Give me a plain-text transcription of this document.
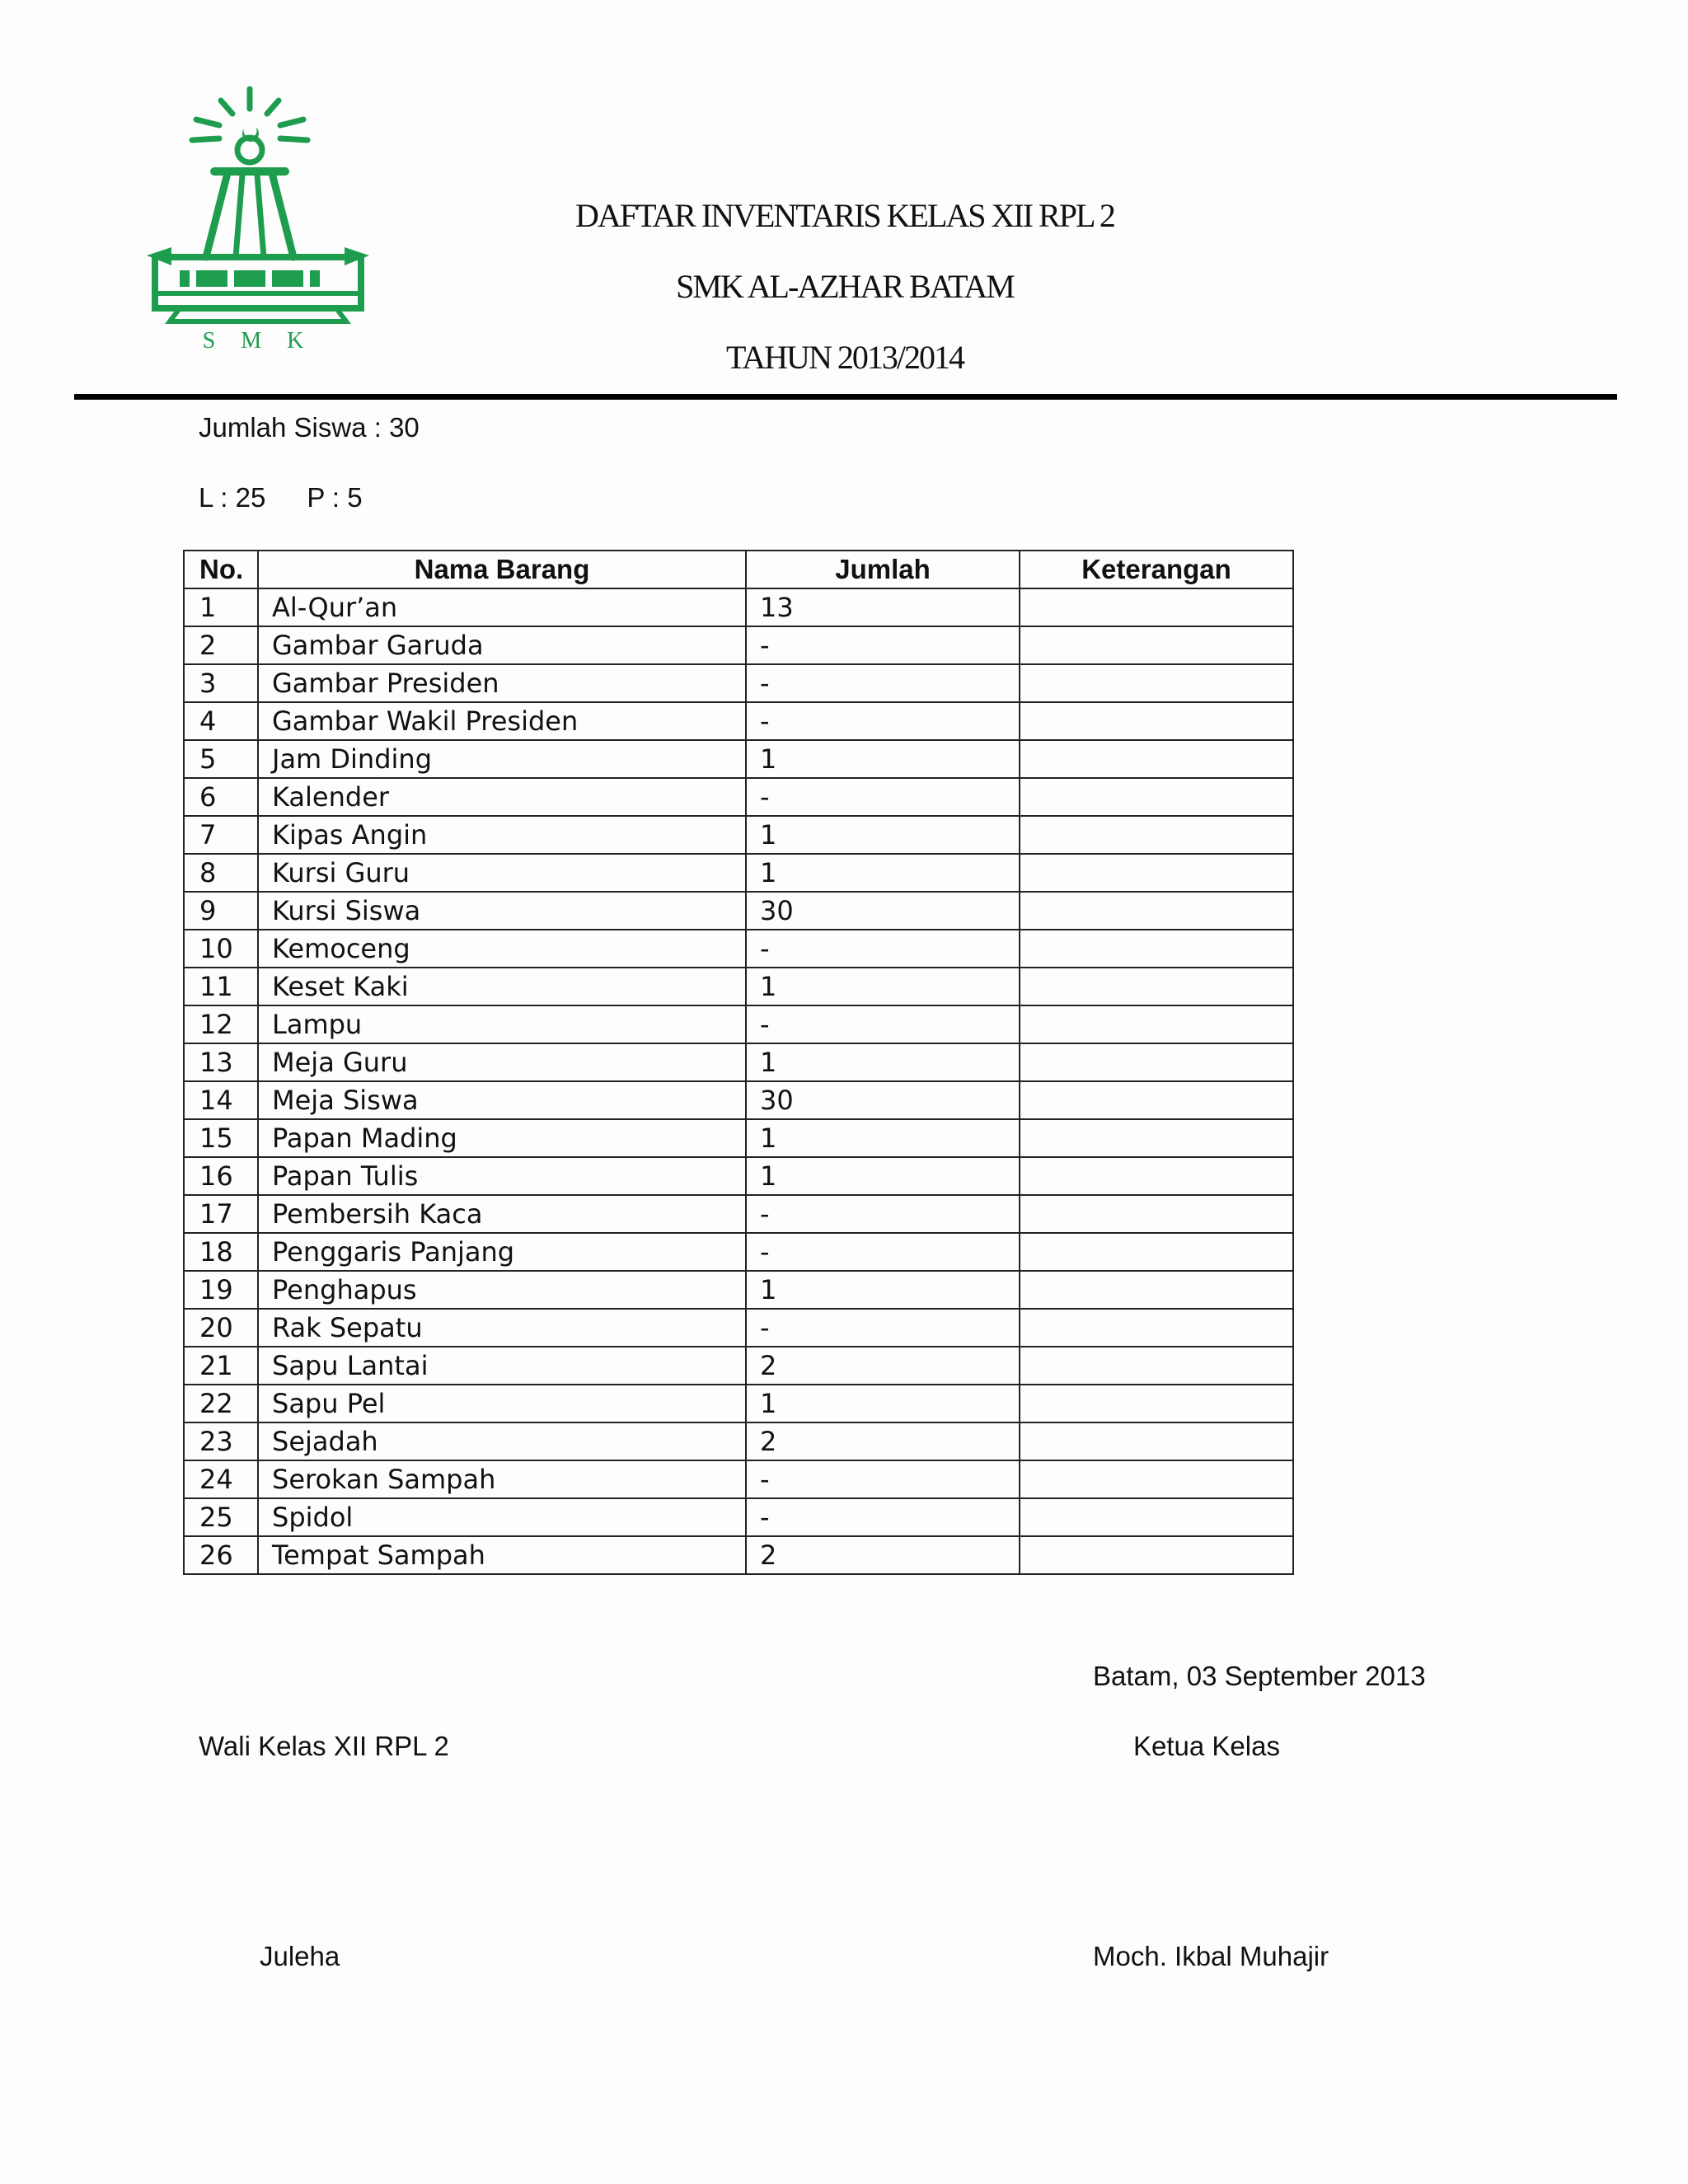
S M K
DAFTAR INVENTARIS KELAS XII RPL 2
SMK AL-AZHAR BATAM
TAHUN 2013/2014
Jumlah Siswa : 30
L : 25 P : 5
No.	Nama Barang	Jumlah	Keterangan
1	Al-Qur’an	13	
2	Gambar Garuda	-	
3	Gambar Presiden	-	
4	Gambar Wakil Presiden	-	
5	Jam Dinding	1	
6	Kalender	-	
7	Kipas Angin	1	
8	Kursi Guru	1	
9	Kursi Siswa	30	
10	Kemoceng	-	
11	Keset Kaki	1	
12	Lampu	-	
13	Meja Guru	1	
14	Meja Siswa	30	
15	Papan Mading	1	
16	Papan Tulis	1	
17	Pembersih Kaca	-	
18	Penggaris Panjang	-	
19	Penghapus	1	
20	Rak Sepatu	-	
21	Sapu Lantai	2	
22	Sapu Pel	1	
23	Sejadah	2	
24	Serokan Sampah	-	
25	Spidol	-	
26	Tempat Sampah	2	
Batam, 03 September 2013
Wali Kelas XII RPL 2	Ketua Kelas
Juleha	Moch. Ikbal Muhajir
